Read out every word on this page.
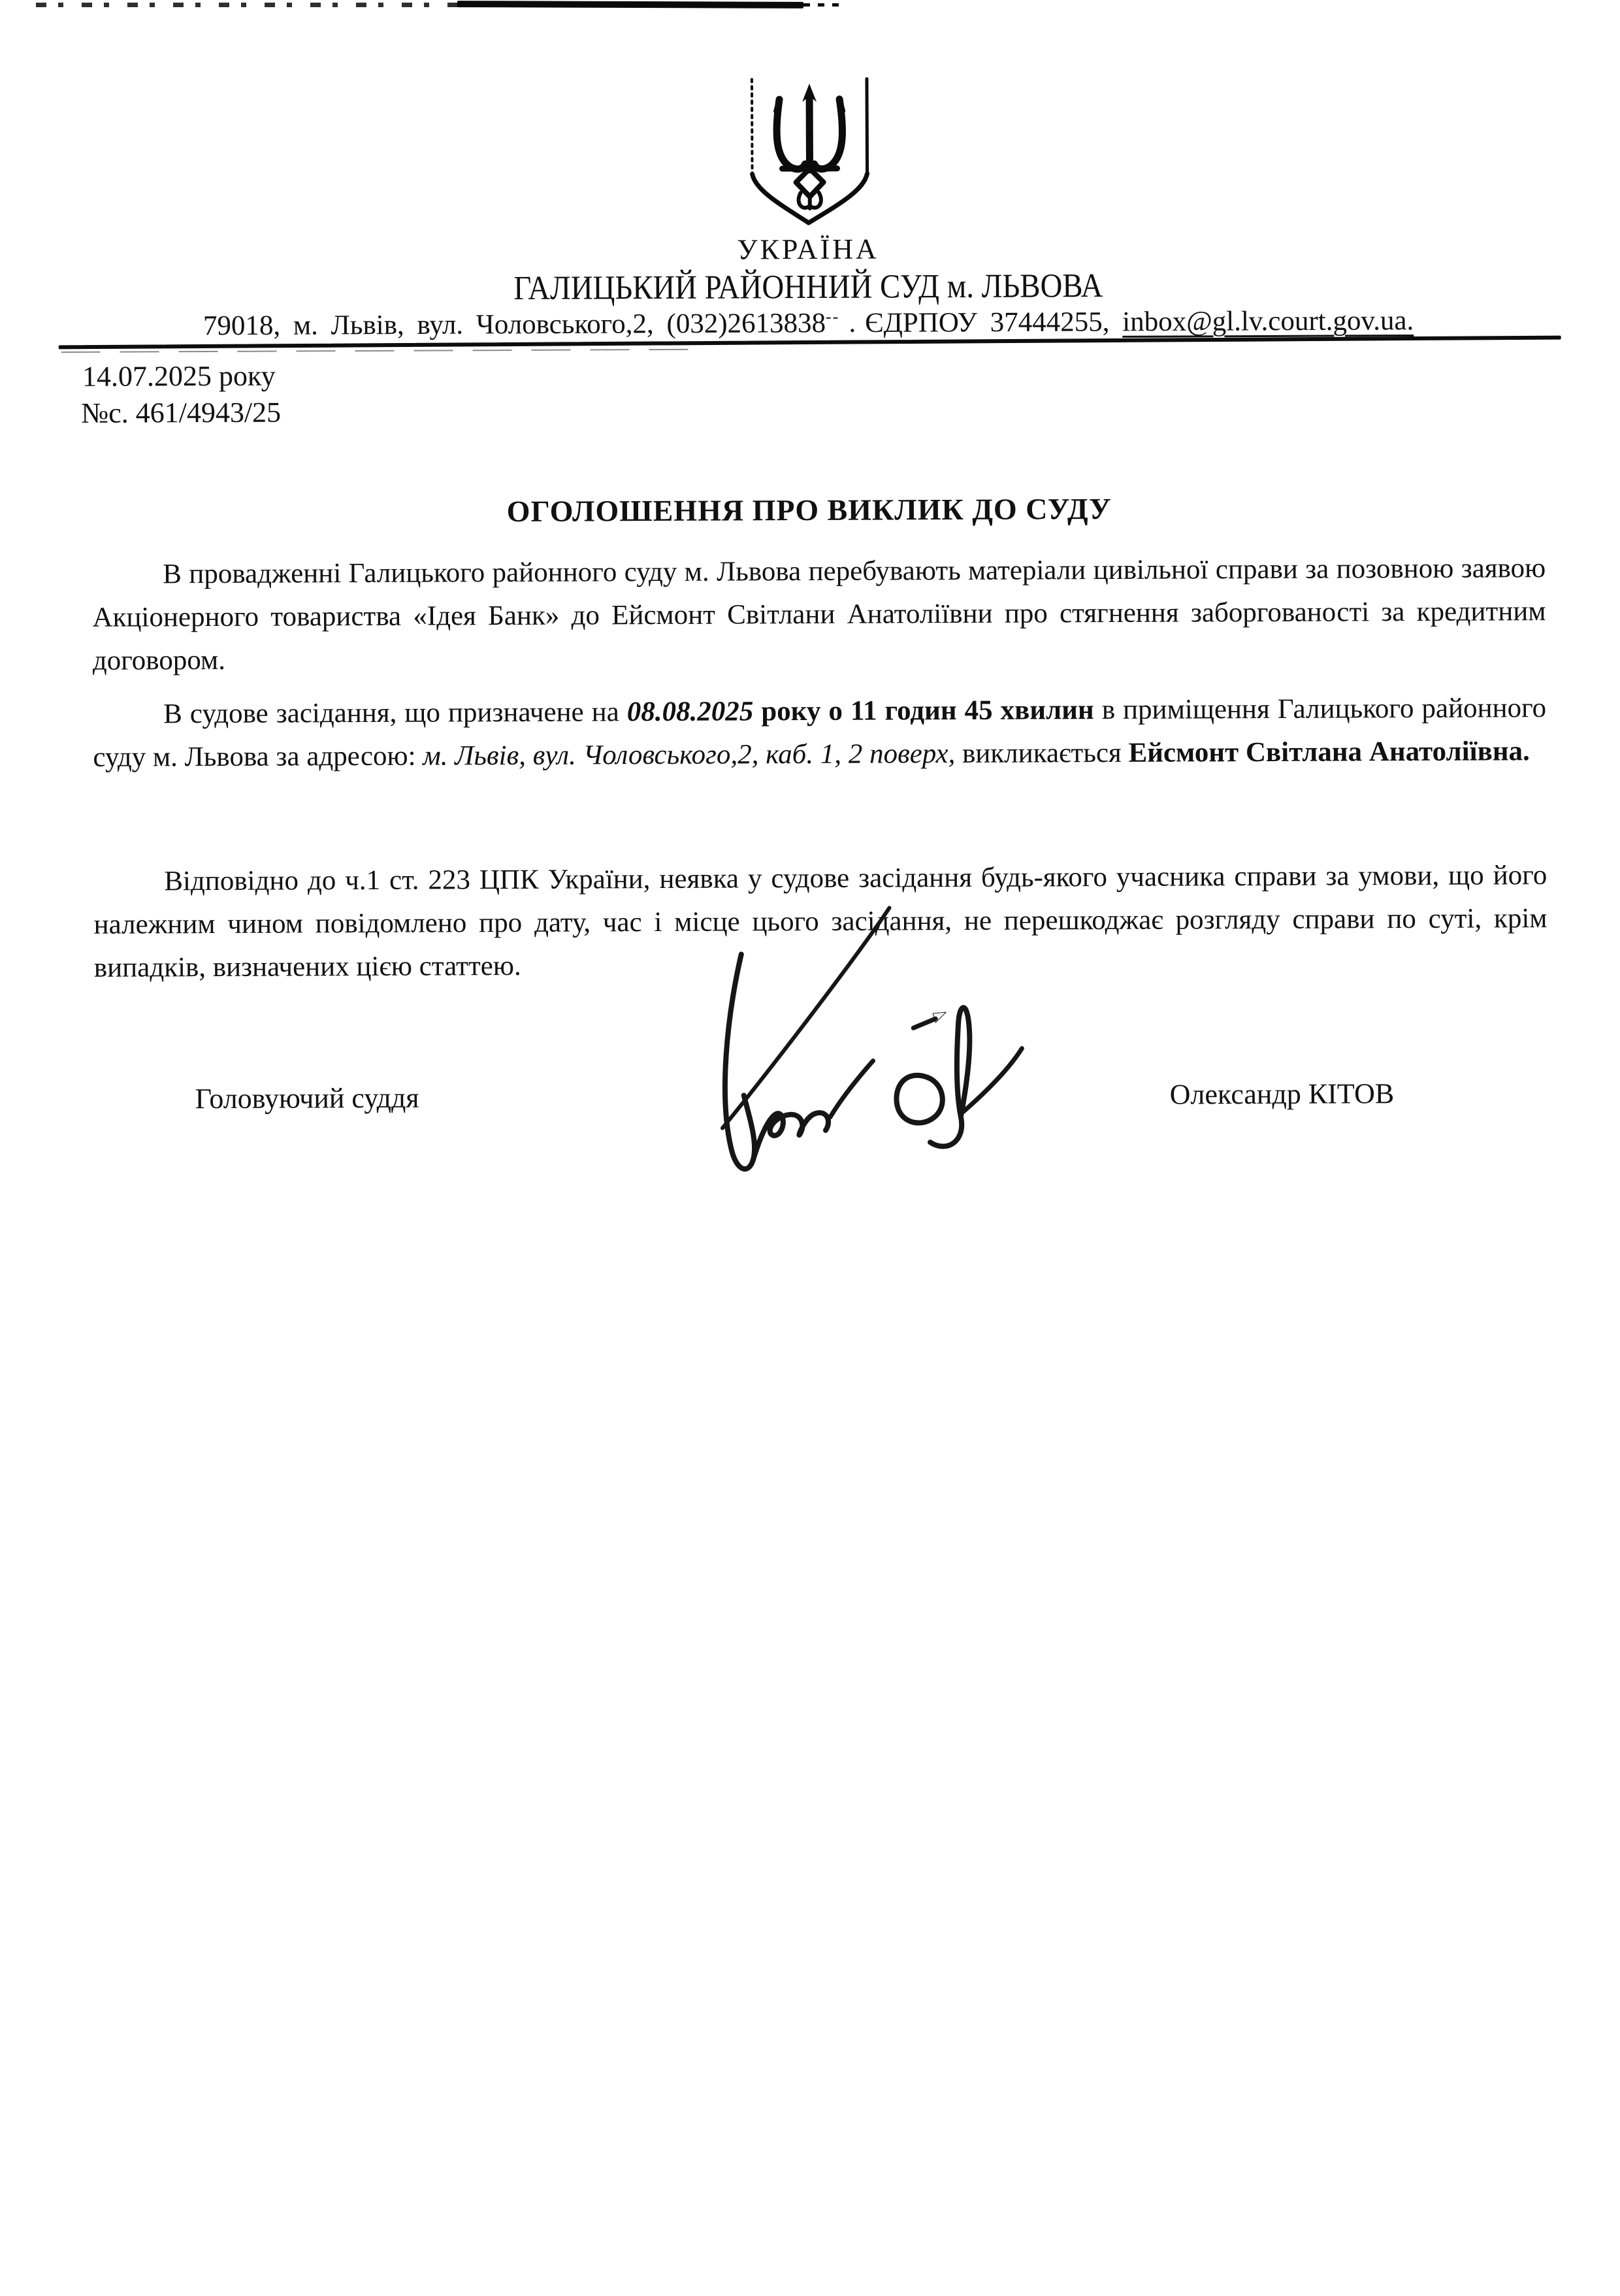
УКРАЇНА
ГАЛИЦЬКИЙ РАЙОННИЙ СУД м. ЛЬВОВА
79018, м. Львів, вул. Чоловського,2, (032)2613838-- . ЄДРПОУ 37444255, inbox@gl.lv.court.gov.ua.
14.07.2025 року
№с. 461/4943/25
ОГОЛОШЕННЯ ПРО ВИКЛИК ДО СУДУ

В провадженні Галицького районного суду м. Львова перебувають матеріали цивільної справи за позовною заявою Акціонерного товариства «Ідея Банк» до Ейсмонт Світлани Анатоліївни про стягнення заборгованості за кредитним договором.

В судове засідання, що призначене на 08.08.2025 року о 11 годин 45 хвилин в приміщення Галицького районного суду м. Львова за адресою: м. Львів, вул. Чоловського,2, каб. 1, 2 поверх, викликається Ейсмонт Світлана Анатоліївна.

Відповідно до ч.1 ст. 223 ЦПК України, неявка у судове засідання будь-якого учасника справи за умови, що його належним чином повідомлено про дату, час і місце цього засідання, не перешкоджає розгляду справи по суті, крім випадків, визначених цією статтею.

Головуючий суддя	Олександр КІТОВ
